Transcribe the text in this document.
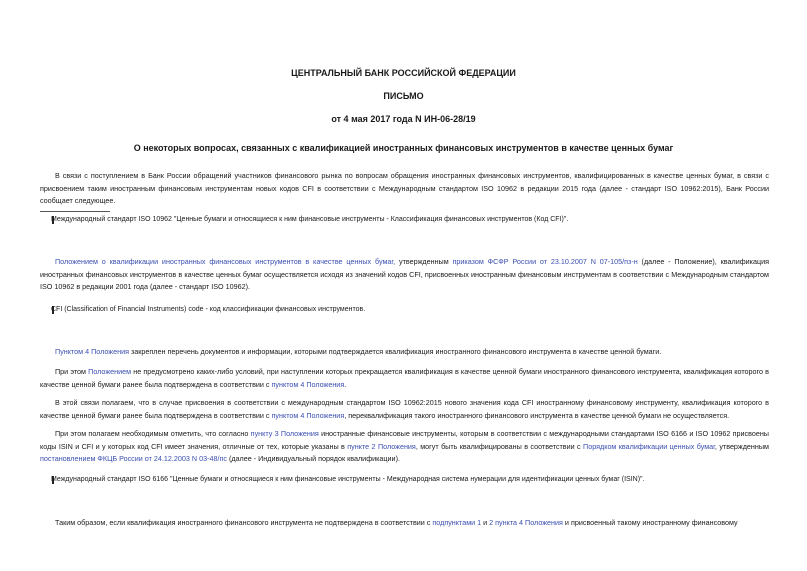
ЦЕНТРАЛЬНЫЙ БАНК РОССИЙСКОЙ ФЕДЕРАЦИИ
ПИСЬМО
от 4 мая 2017 года N ИН-06-28/19
О некоторых вопросах, связанных с квалификацией иностранных финансовых инструментов в качестве ценных бумаг

В связи с поступлением в Банк России обращений участников финансового рынка по вопросам обращения иностранных финансовых инструментов, квалифицированных в качестве ценных бумаг, в связи с присвоением таким иностранным финансовым инструментам новых кодов CFI в соответствии с Международным стандартом ISO 10962 в редакции 2015 года (далее - стандарт ISO 10962:2015), Банк России сообщает следующее.

Международный стандарт ISO 10962 "Ценные бумаги и относящиеся к ним финансовые инструменты - Классификация финансовых инструментов (Код CFI)".

Положением о квалификации иностранных финансовых инструментов в качестве ценных бумаг, утвержденным приказом ФСФР России от 23.10.2007 N 07-105/пз-н (далее - Положение), квалификация иностранных финансовых инструментов в качестве ценных бумаг осуществляется исходя из значений кодов CFI, присвоенных иностранным финансовым инструментам в соответствии с Международным стандартом ISO 10962 в редакции 2001 года (далее - стандарт ISO 10962).

CFI (Classification of Financial Instruments) code - код классификации финансовых инструментов.

Пунктом 4 Положения закреплен перечень документов и информации, которыми подтверждается квалификация иностранного финансового инструмента в качестве ценной бумаги.

При этом Положением не предусмотрено каких-либо условий, при наступлении которых прекращается квалификация в качестве ценной бумаги иностранного финансового инструмента, квалификация которого в качестве ценной бумаги ранее была подтверждена в соответствии с пунктом 4 Положения.

В этой связи полагаем, что в случае присвоения в соответствии с международным стандартом ISO 10962:2015 нового значения кода CFI иностранному финансовому инструменту, квалификация которого в качестве ценной бумаги ранее была подтверждена в соответствии с пунктом 4 Положения, переквалификация такого иностранного финансового инструмента в качестве ценной бумаги не осуществляется.

При этом полагаем необходимым отметить, что согласно пункту 3 Положения иностранные финансовые инструменты, которым в соответствии с международными стандартами ISO 6166 и ISO 10962 присвоены коды ISIN и CFI и у которых код CFI имеет значения, отличные от тех, которые указаны в пункте 2 Положения, могут быть квалифицированы в соответствии с Порядком квалификации ценных бумаг, утвержденным постановлением ФКЦБ России от 24.12.2003 N 03-48/пс (далее - Индивидуальный порядок квалификации).

Международный стандарт ISO 6166 "Ценные бумаги и относящиеся к ним финансовые инструменты - Международная система нумерации для идентификации ценных бумаг (ISIN)".

Таким образом, если квалификация иностранного финансового инструмента не подтверждена в соответствии с подпунктами 1 и 2 пункта 4 Положения и присвоенный такому иностранному финансовому
